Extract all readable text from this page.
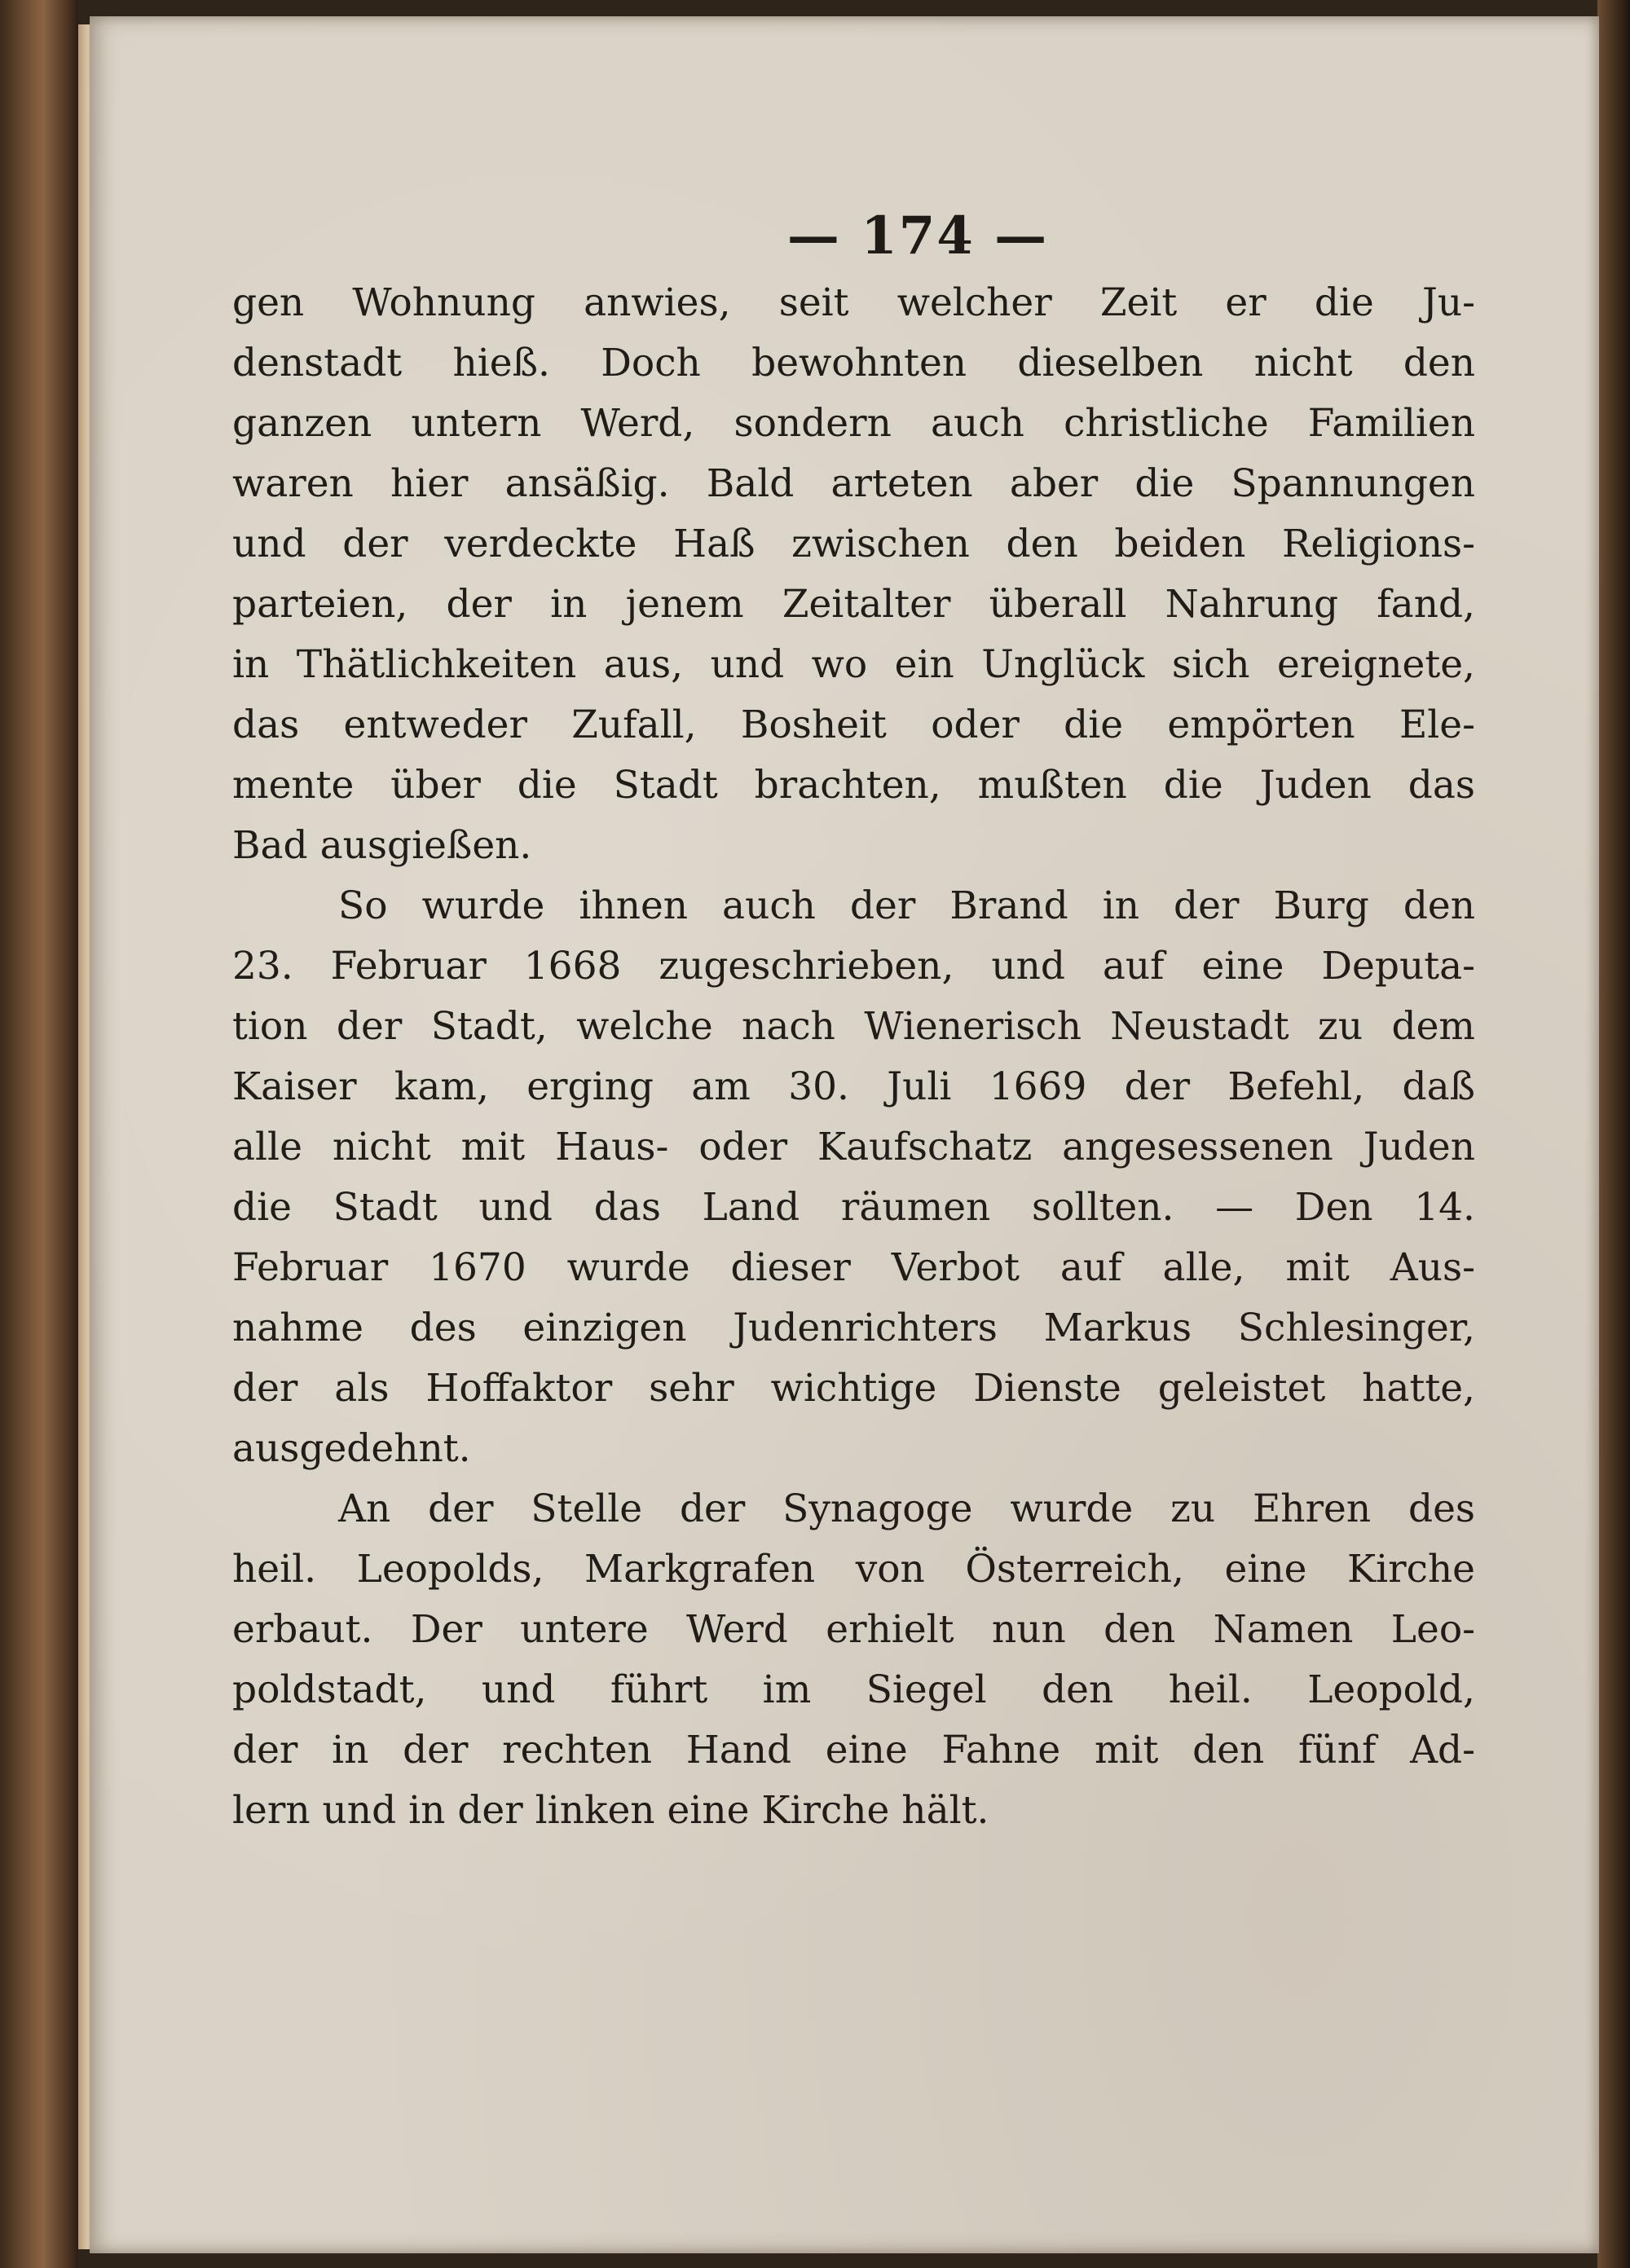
— 174 —
gen Wohnung anwies, seit welcher Zeit er die Ju-
denstadt hieß. Doch bewohnten dieselben nicht den
ganzen untern Werd, sondern auch christliche Familien
waren hier ansäßig. Bald arteten aber die Spannungen
und der verdeckte Haß zwischen den beiden Religions-
parteien, der in jenem Zeitalter überall Nahrung fand,
in Thätlichkeiten aus, und wo ein Unglück sich ereignete,
das entweder Zufall, Bosheit oder die empörten Ele-
mente über die Stadt brachten, mußten die Juden das
Bad ausgießen.
So wurde ihnen auch der Brand in der Burg den
23. Februar 1668 zugeschrieben, und auf eine Deputa-
tion der Stadt, welche nach Wienerisch Neustadt zu dem
Kaiser kam, erging am 30. Juli 1669 der Befehl, daß
alle nicht mit Haus- oder Kaufschatz angesessenen Juden
die Stadt und das Land räumen sollten. — Den 14.
Februar 1670 wurde dieser Verbot auf alle, mit Aus-
nahme des einzigen Judenrichters Markus Schlesinger,
der als Hoffaktor sehr wichtige Dienste geleistet hatte,
ausgedehnt.
An der Stelle der Synagoge wurde zu Ehren des
heil. Leopolds, Markgrafen von Österreich, eine Kirche
erbaut. Der untere Werd erhielt nun den Namen Leo-
poldstadt, und führt im Siegel den heil. Leopold,
der in der rechten Hand eine Fahne mit den fünf Ad-
lern und in der linken eine Kirche hält.
